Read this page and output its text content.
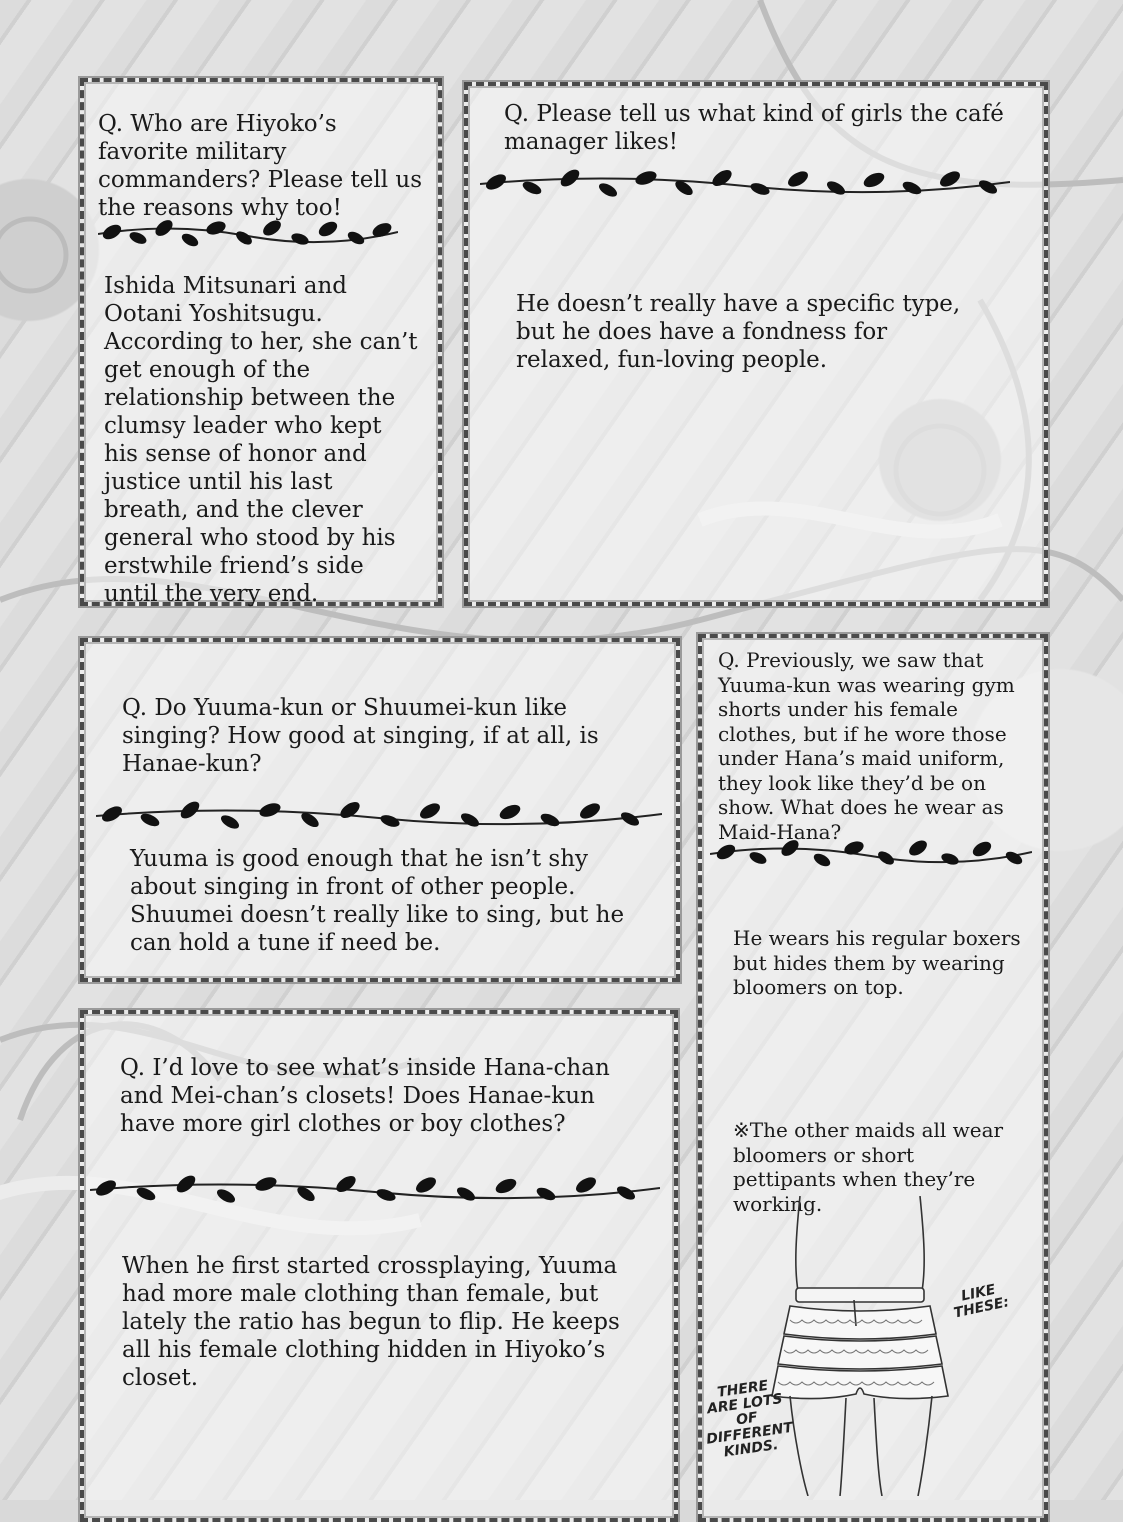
Q. Who are Hiyoko’s favorite military commanders? Please tell us the reasons why too!

Ishida Mitsunari and Ootani Yoshitsugu. According to her, she can’t get enough of the relationship between the clumsy leader who kept his sense of honor and justice until his last breath, and the clever general who stood by his erstwhile friend’s side until the very end.

Q. Please tell us what kind of girls the café manager likes!

He doesn’t really have a specific type, but he does have a fondness for relaxed, fun-loving people.

Q. Do Yuuma-kun or Shuumei-kun like singing? How good at singing, if at all, is Hanae-kun?

Yuuma is good enough that he isn’t shy about singing in front of other people.
Shuumei doesn’t really like to sing, but he can hold a tune if need be.

Q. Previously, we saw that Yuuma-kun was wearing gym shorts under his female clothes, but if he wore those under Hana’s maid uniform, they look like they’d be on show. What does he wear as Maid-Hana?

He wears his regular boxers but hides them by wearing bloomers on top.

※The other maids all wear bloomers or short pettipants when they’re working.

LIKE THESE:

THERE ARE LOTS OF DIFFERENT KINDS.

Q. I’d love to see what’s inside Hana-chan and Mei-chan’s closets! Does Hanae-kun have more girl clothes or boy clothes?

When he first started crossplaying, Yuuma had more male clothing than female, but lately the ratio has begun to flip. He keeps all his female clothing hidden in Hiyoko’s closet.
